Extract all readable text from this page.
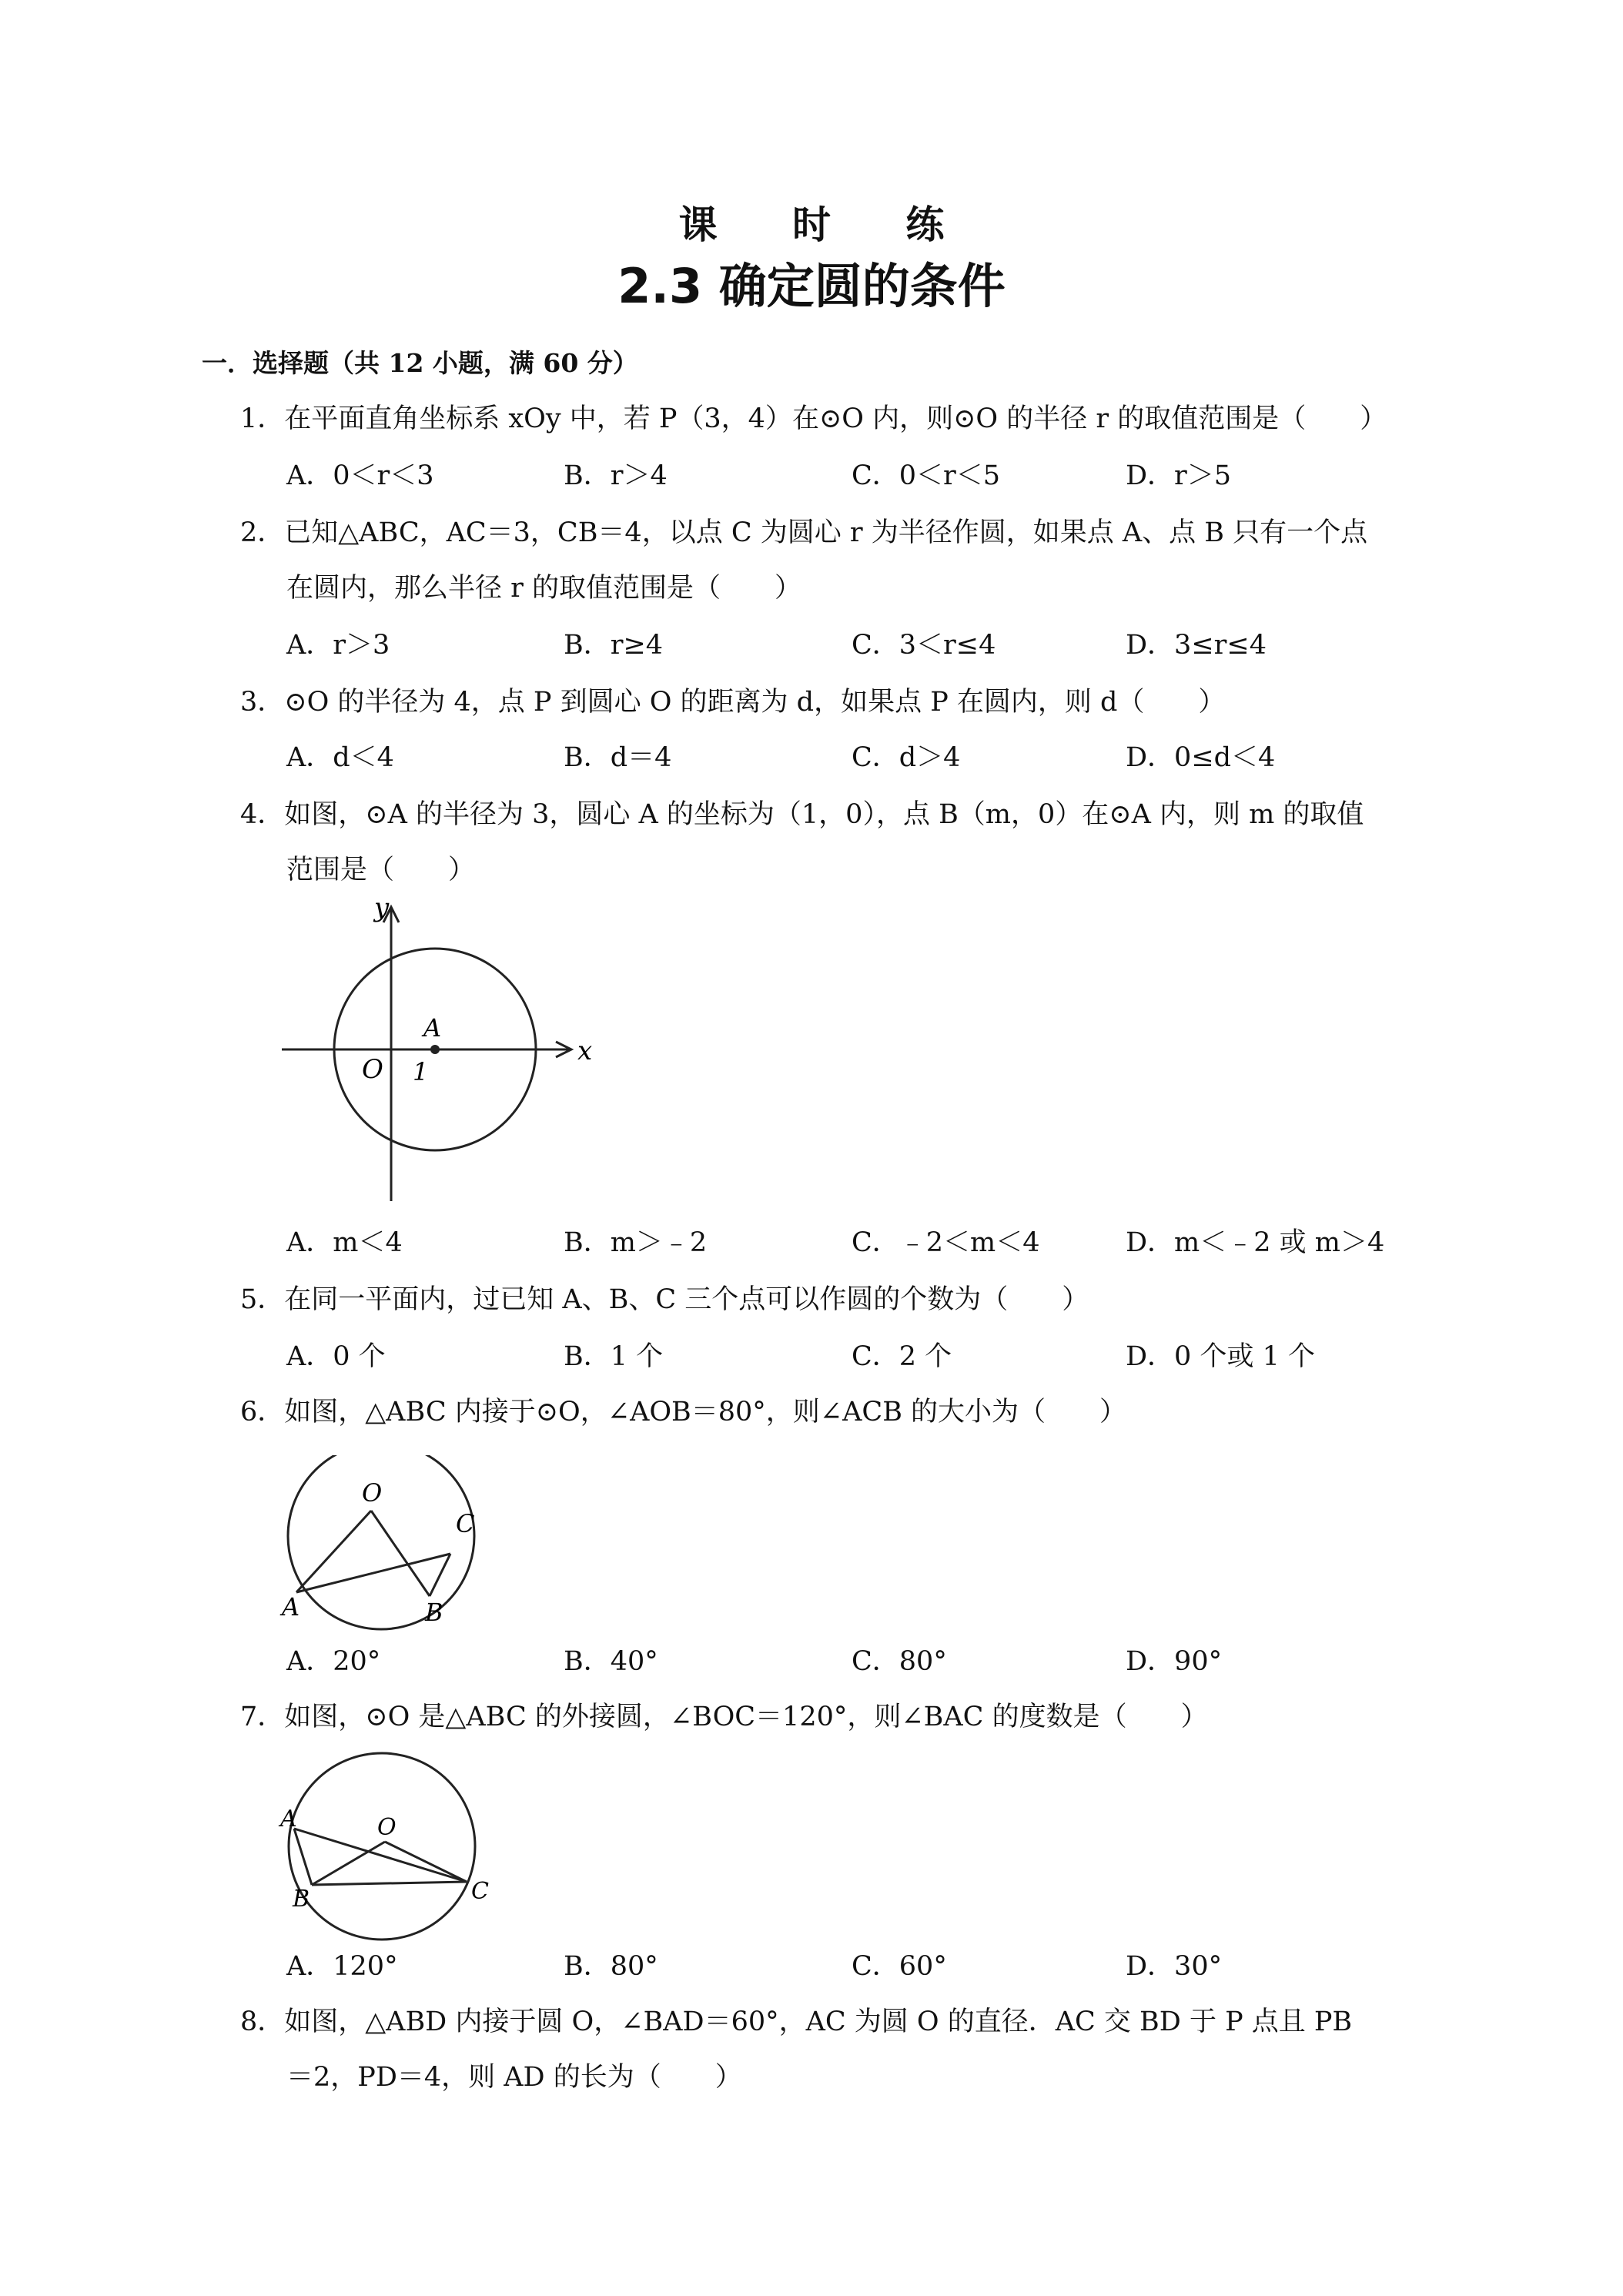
课 时 练
2.3 确定圆的条件
一．选择题（共 12 小题，满 60 分）
1．在平面直角坐标系 xOy 中，若 P（3，4）在⊙O 内，则⊙O 的半径 r 的取值范围是（　　）
A．0＜r＜3	B．r＞4	C．0＜r＜5	D．r＞5
2．已知△ABC，AC＝3，CB＝4，以点 C 为圆心 r 为半径作圆，如果点 A、点 B 只有一个点
在圆内，那么半径 r 的取值范围是（　　）
A．r＞3	B．r≥4	C．3＜r≤4	D．3≤r≤4
3．⊙O 的半径为 4，点 P 到圆心 O 的距离为 d，如果点 P 在圆内，则 d（　　）
A．d＜4	B．d＝4	C．d＞4	D．0≤d＜4
4．如图，⊙A 的半径为 3，圆心 A 的坐标为（1，0），点 B（m，0）在⊙A 内，则 m 的取值
范围是（　　）
y
x
O
A
1
A．m＜4	B．m＞﹣2	C．﹣2＜m＜4	D．m＜﹣2 或 m＞4
5．在同一平面内，过已知 A、B、C 三个点可以作圆的个数为（　　）
A．0 个	B．1 个	C．2 个	D．0 个或 1 个
6．如图，△ABC 内接于⊙O，∠AOB＝80°，则∠ACB 的大小为（　　）
O
A	B
C
A．20°	B．40°	C．80°	D．90°
7．如图，⊙O 是△ABC 的外接圆，∠BOC＝120°，则∠BAC 的度数是（　　）
O
A
B	C
A．120°	B．80°	C．60°	D．30°
8．如图，△ABD 内接于圆 O，∠BAD＝60°，AC 为圆 O 的直径．AC 交 BD 于 P 点且 PB
＝2，PD＝4，则 AD 的长为（　　）
